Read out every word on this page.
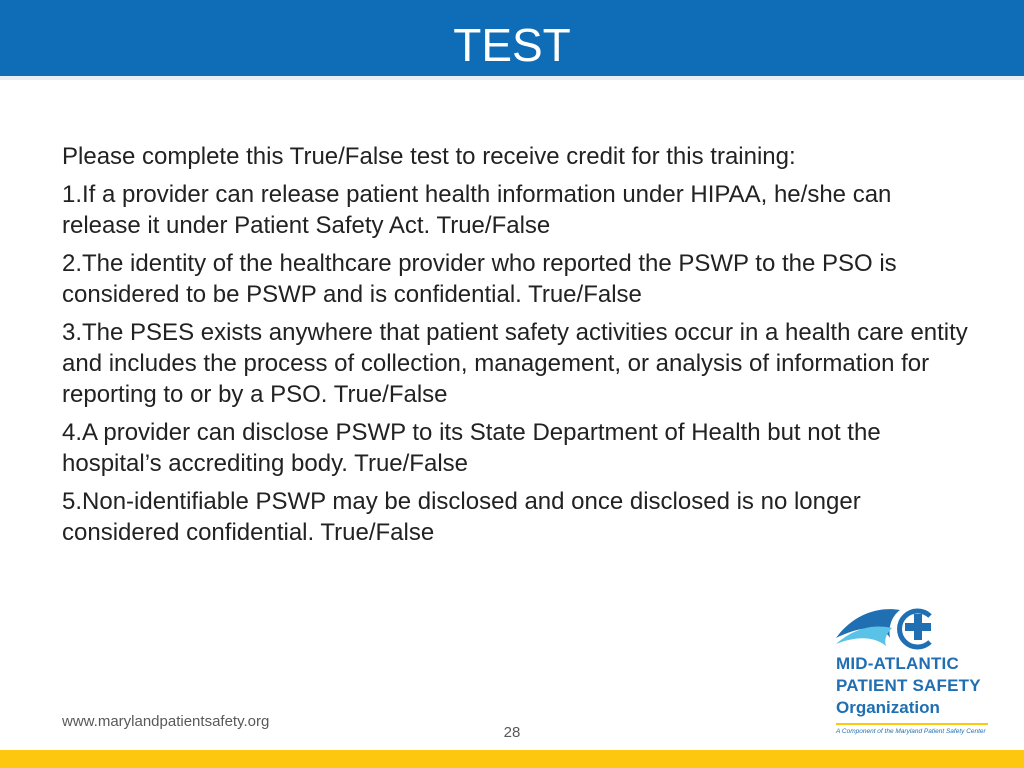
TEST

Please complete this True/False test to receive credit for this training:

1.If a provider can release patient health information under HIPAA, he/she can release it under Patient Safety Act. True/False

2.The identity of the healthcare provider who reported the PSWP to the PSO is considered to be PSWP and is confidential. True/False

3.The PSES exists anywhere that patient safety activities occur in a health care entity and includes the process of collection, management, or analysis of information for reporting to or by a PSO. True/False

4.A provider can disclose PSWP to its State Department of Health but not the hospital’s accrediting body. True/False

5.Non-identifiable PSWP may be disclosed and once disclosed is no longer considered confidential. True/False

MID-ATLANTIC
PATIENT SAFETY
Organization
A Component of the Maryland Patient Safety Center
www.marylandpatientsafety.org
28
